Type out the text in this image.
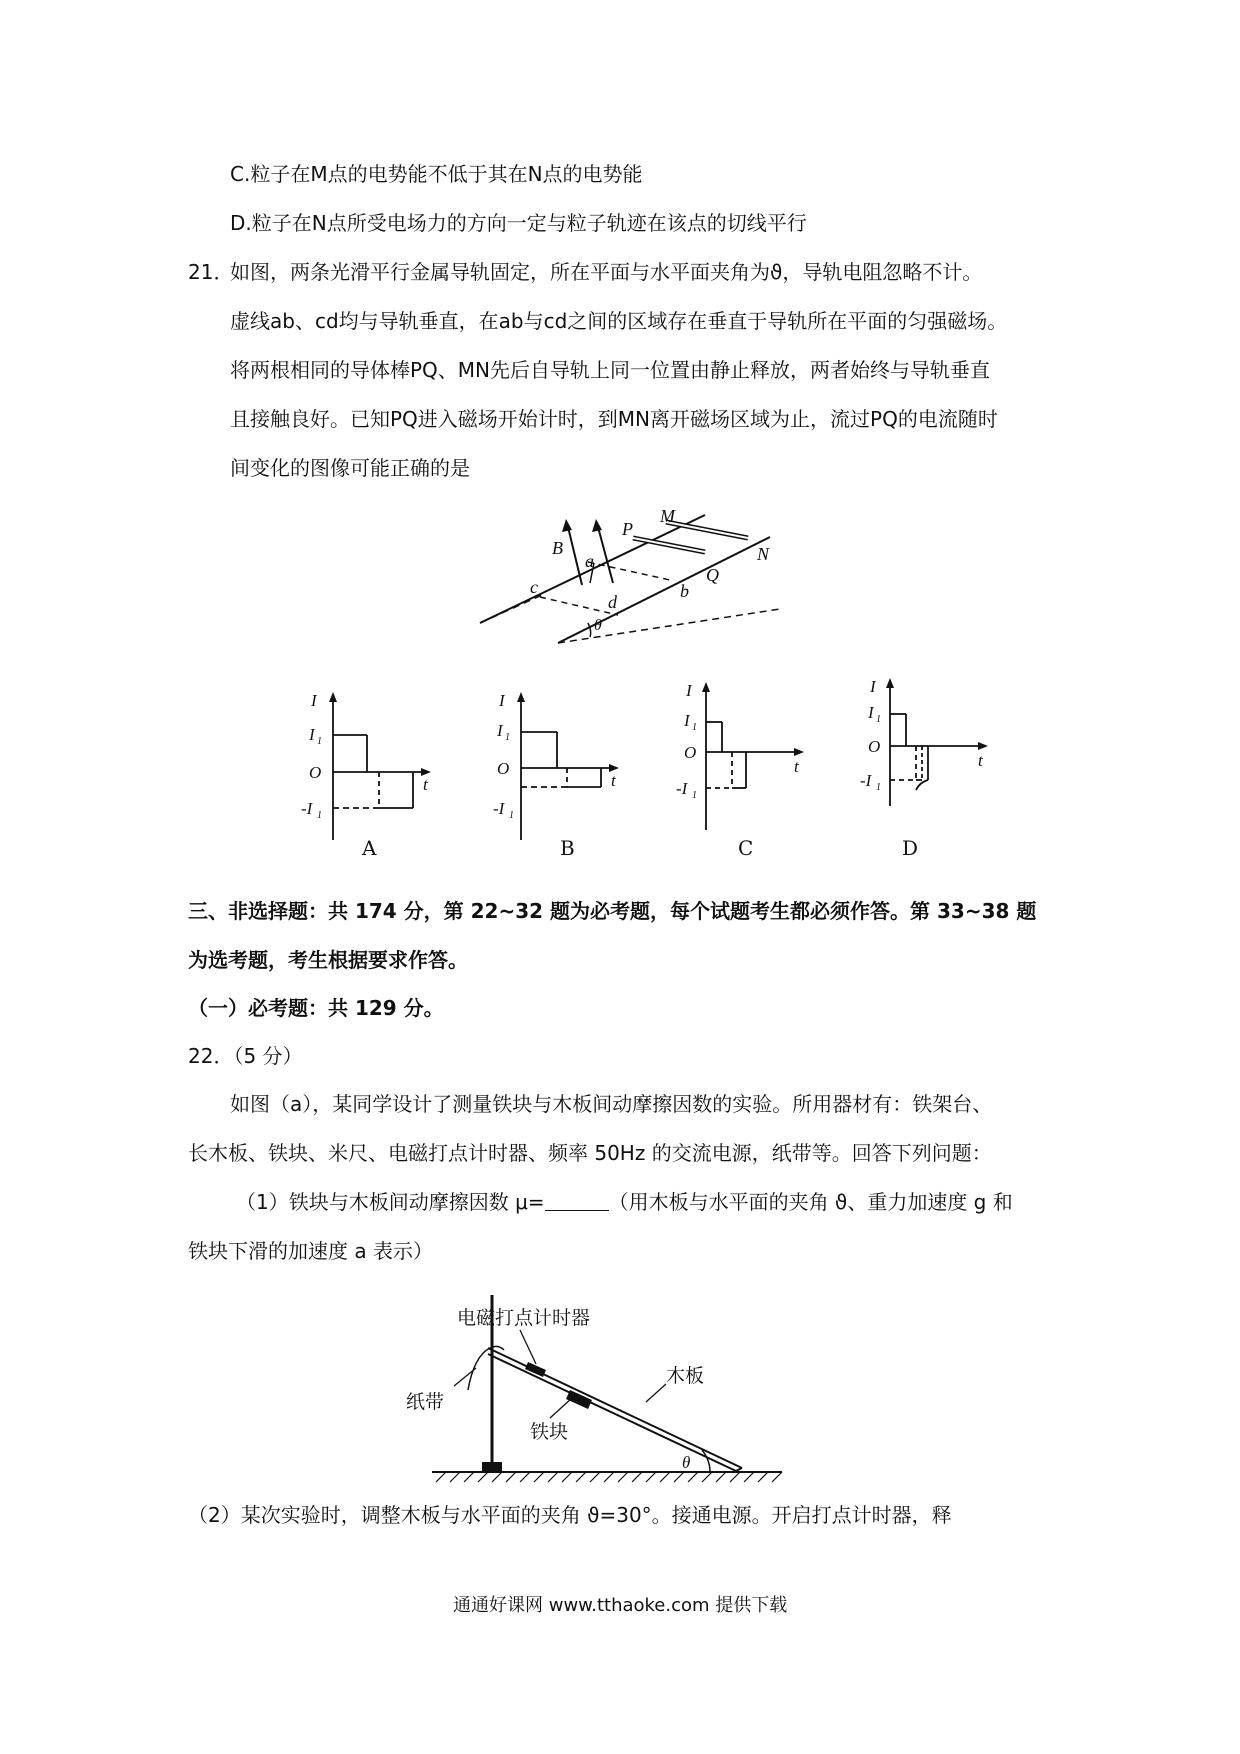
C.粒子在M点的电势能不低于其在N点的电势能
D.粒子在N点所受电场力的方向一定与粒子轨迹在该点的切线平行
21．
如图，两条光滑平行金属导轨固定，所在平面与水平面夹角为ϑ，导轨电阻忽略不计。
虚线ab、cd均与导轨垂直，在ab与cd之间的区域存在垂直于导轨所在平面的匀强磁场。
将两根相同的导体棒PQ、MN先后自导轨上同一位置由静止释放，两者始终与导轨垂直
且接触良好。已知PQ进入磁场开始计时，到MN离开磁场区域为止，流过PQ的电流随时
间变化的图像可能正确的是
B
a
P
M
N
Q
b
c
d
θ
I
I 1
O
-I 1
t
A
I
I 1
O
-I 1
t
B
I
I 1
O
-I 1
t
C
I
I 1
O
-I 1
t
D
三、非选择题：共 174 分，第 22~32 题为必考题，每个试题考生都必须作答。第 33~38 题
为选考题，考生根据要求作答。
（一）必考题：共 129 分。
22．（5 分）
如图（a），某同学设计了测量铁块与木板间动摩擦因数的实验。所用器材有：铁架台、
长木板、铁块、米尺、电磁打点计时器、频率 50Hz 的交流电源，纸带等。回答下列问题：
（1）铁块与木板间动摩擦因数 μ=	（用木板与水平面的夹角 ϑ、重力加速度 g 和
铁块下滑的加速度 a 表示）
电磁打点计时器
纸带
木板
铁块
θ
（2）某次实验时，调整木板与水平面的夹角 ϑ=30°。接通电源。开启打点计时器，释
通通好课网 www.tthaoke.com 提供下载
